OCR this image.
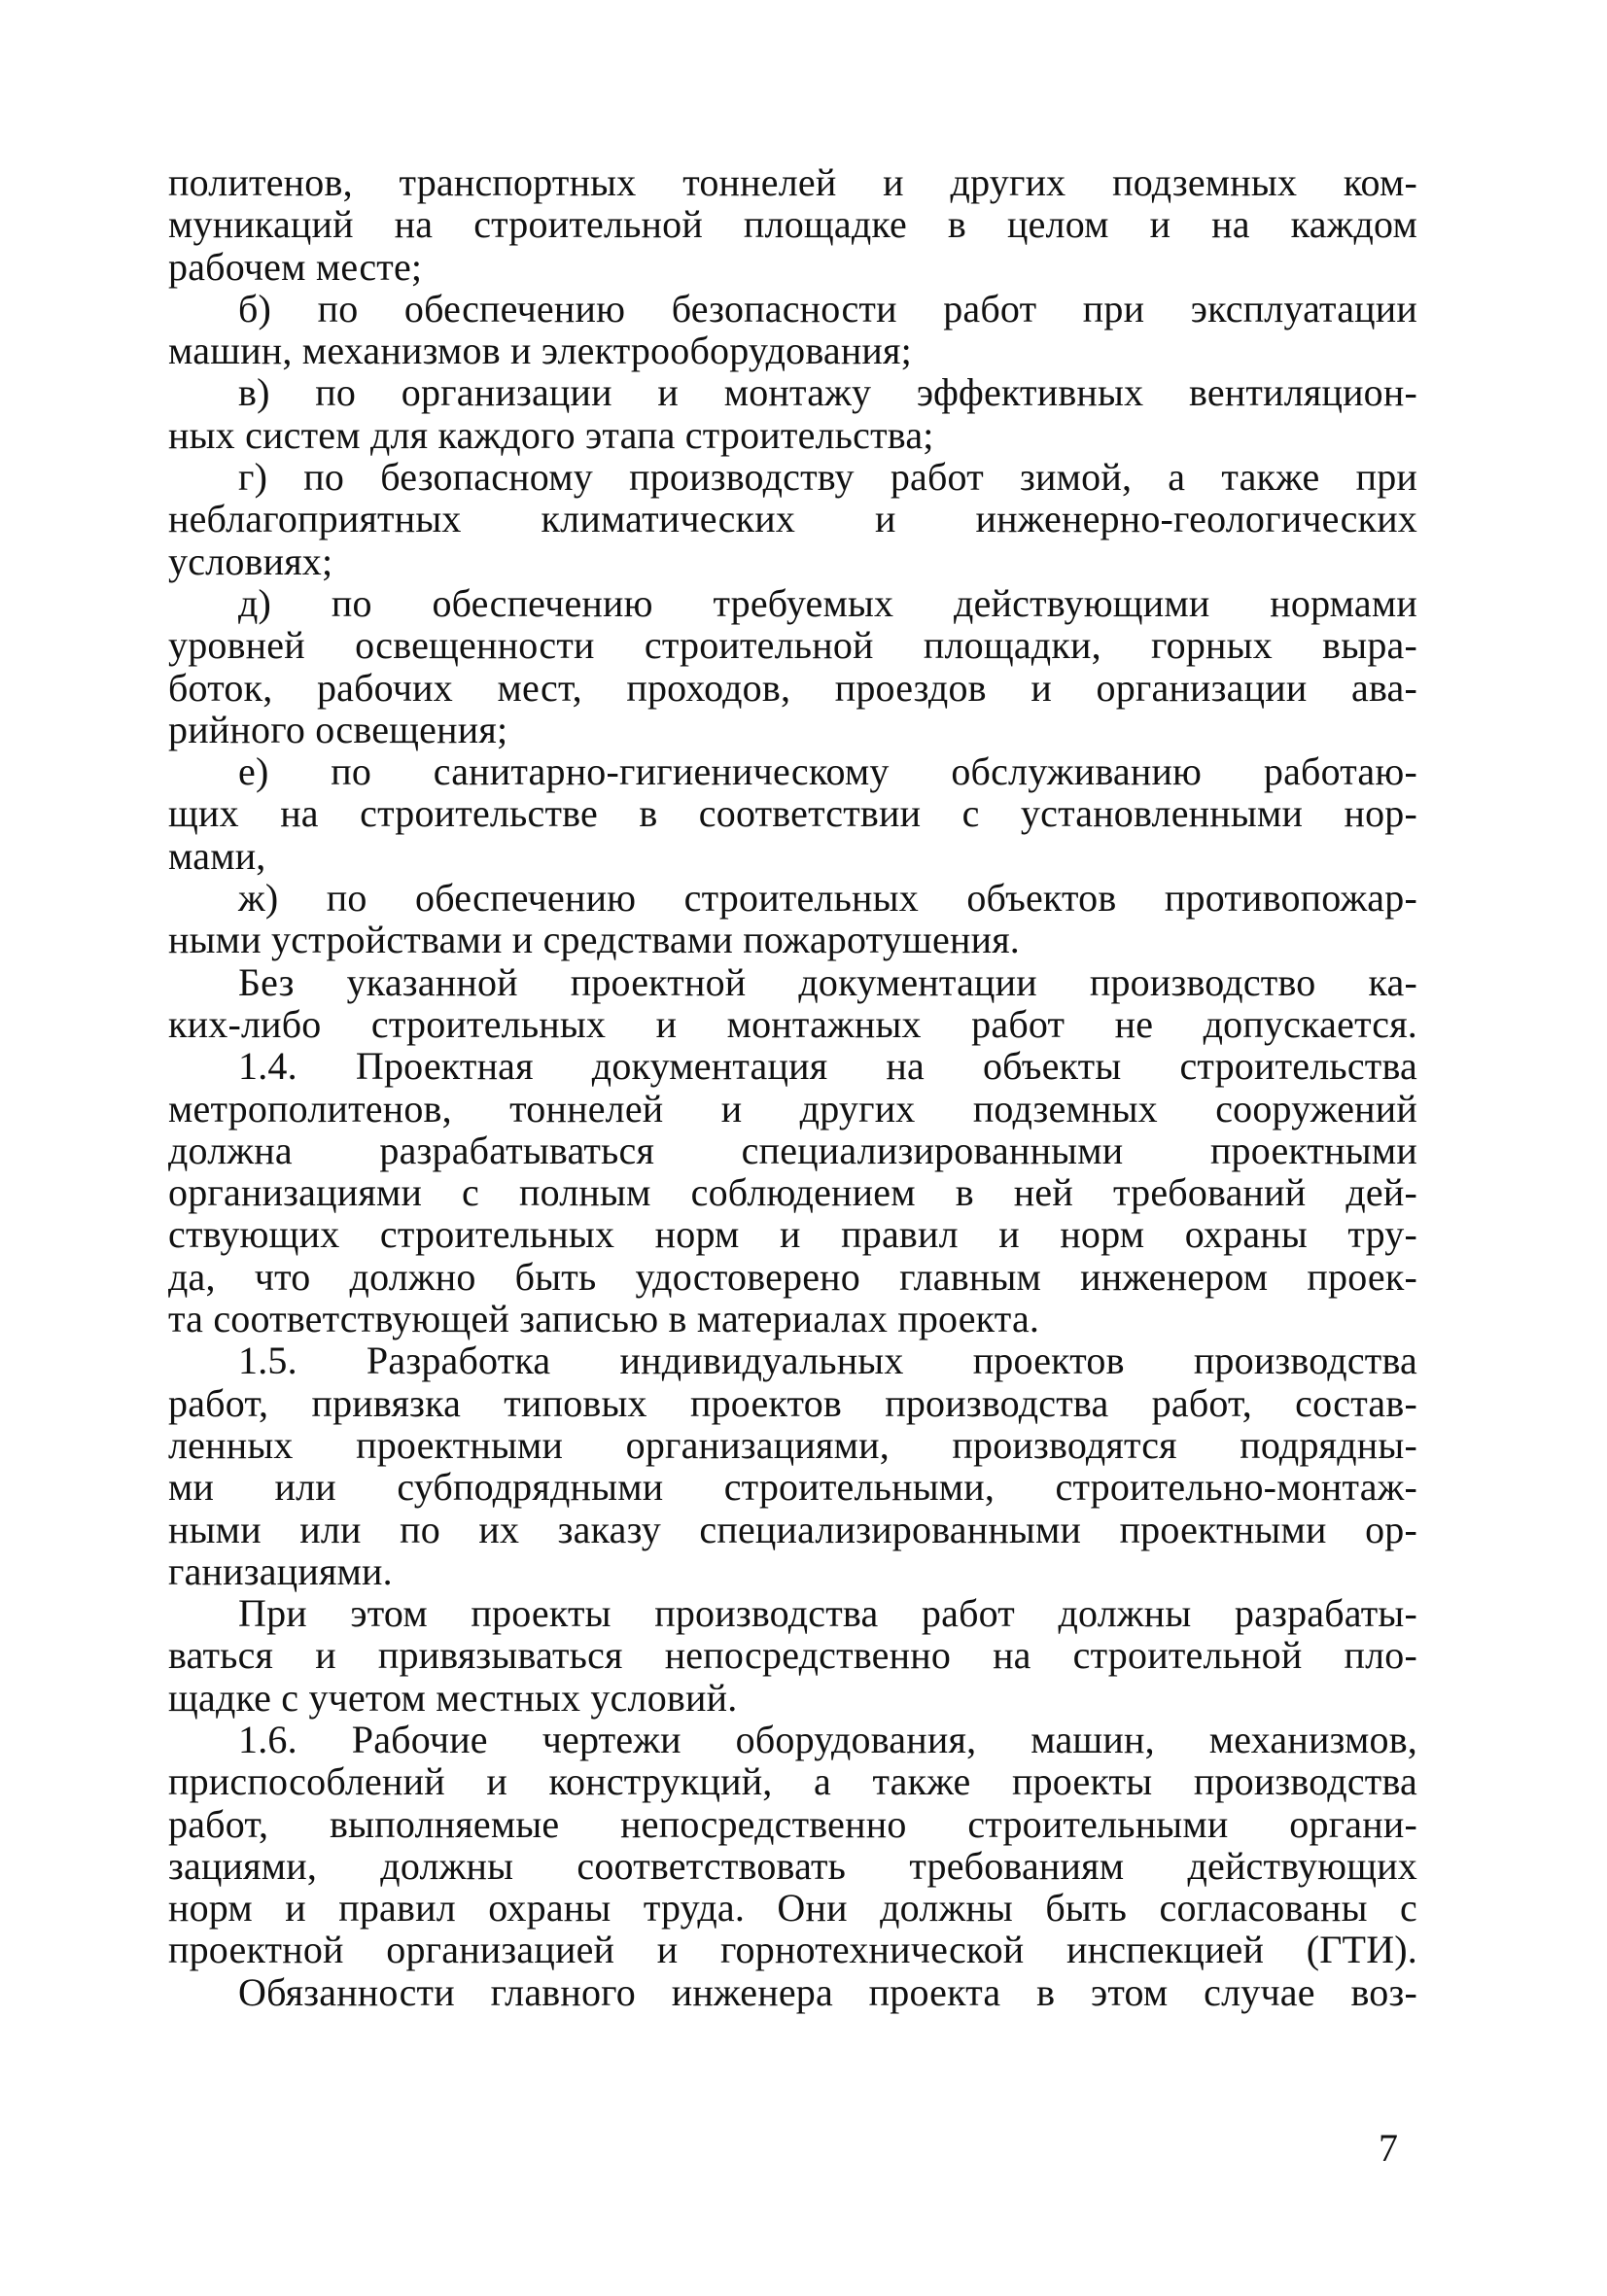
политенов, транспортных тоннелей и других подземных ком-
муникаций на строительной площадке в целом и на каждом
рабочем месте;
б) по обеспечению безопасности работ при эксплуатации
машин, механизмов и электрооборудования;
в) по организации и монтажу эффективных вентиляцион-
ных систем для каждого этапа строительства;
г) по безопасному производству работ зимой, а также при
неблагоприятных климатических и инженерно-геологических
условиях;
д) по обеспечению требуемых действующими нормами
уровней освещенности строительной площадки, горных выра-
боток, рабочих мест, проходов, проездов и организации ава-
рийного освещения;
е) по санитарно-гигиеническому обслуживанию работаю-
щих на строительстве в соответствии с установленными нор-
мами,
ж) по обеспечению строительных объектов противопожар-
ными устройствами и средствами пожаротушения.
Без указанной проектной документации производство ка-
ких-либо строительных и монтажных работ не допускается.
1.4. Проектная документация на объекты строительства
метрополитенов, тоннелей и других подземных сооружений
должна разрабатываться специализированными проектными
организациями с полным соблюдением в ней требований дей-
ствующих строительных норм и правил и норм охраны тру-
да, что должно быть удостоверено главным инженером проек-
та соответствующей записью в материалах проекта.
1.5. Разработка индивидуальных проектов производства
работ, привязка типовых проектов производства работ, состав-
ленных проектными организациями, производятся подрядны-
ми или субподрядными строительными, строительно-монтаж-
ными или по их заказу специализированными проектными ор-
ганизациями.
При этом проекты производства работ должны разрабаты-
ваться и привязываться непосредственно на строительной пло-
щадке с учетом местных условий.
1.6. Рабочие чертежи оборудования, машин, механизмов,
приспособлений и конструкций, а также проекты производства
работ, выполняемые непосредственно строительными органи-
зациями, должны соответствовать требованиям действующих
норм и правил охраны труда. Они должны быть согласованы с
проектной организацией и горнотехнической инспекцией (ГТИ).
Обязанности главного инженера проекта в этом случае воз-
7
